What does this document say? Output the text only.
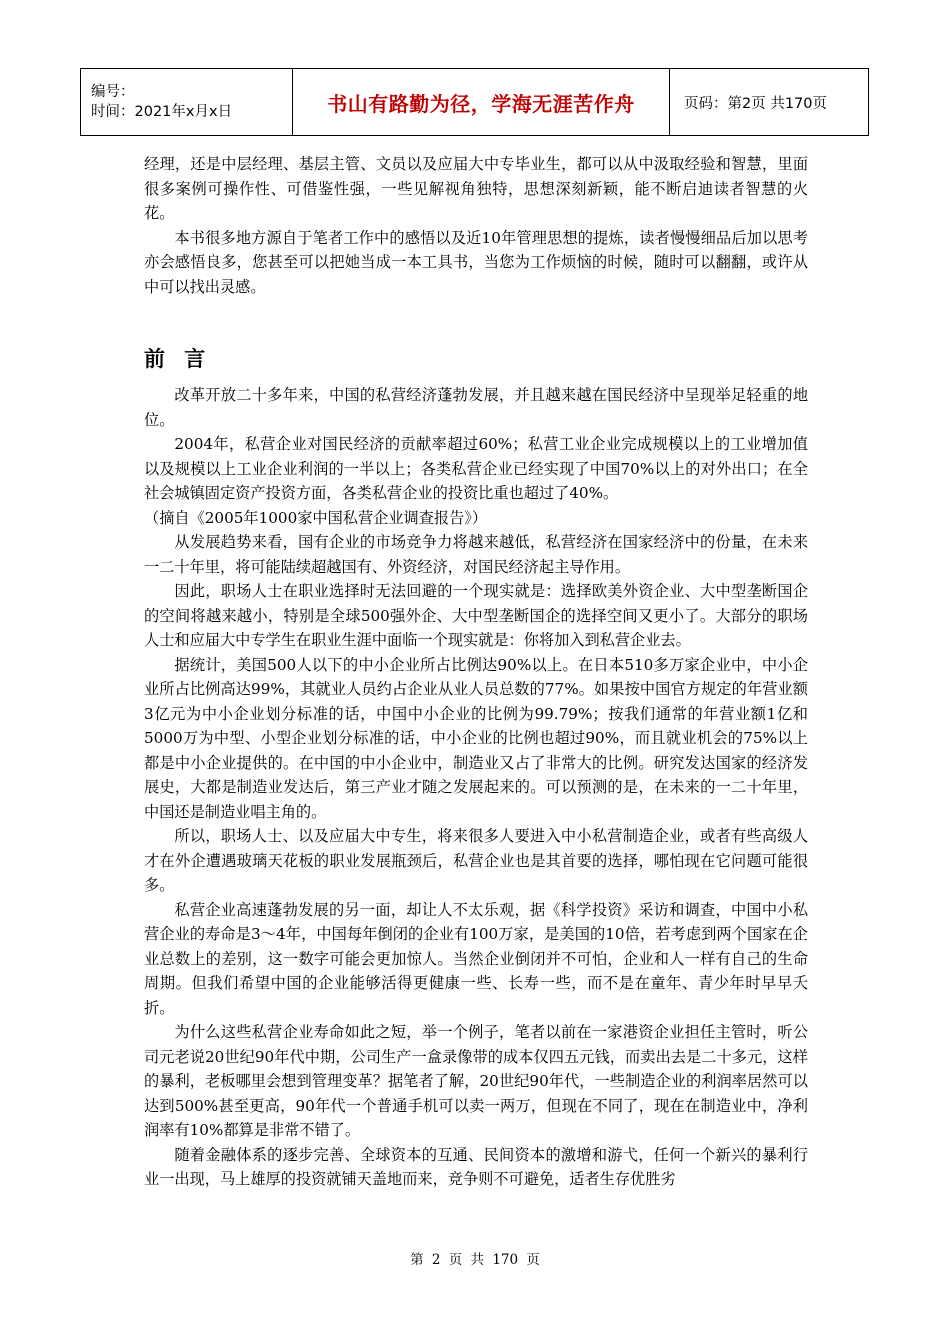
编号：
时间：2021年x月x日	书山有路勤为径，学海无涯苦作舟	页码：第2页 共170页

经理，还是中层经理、基层主管、文员以及应届大中专毕业生，都可以从中汲取经验和智慧，里面很多案例可操作性、可借鉴性强，一些见解视角独特，思想深刻新颖，能不断启迪读者智慧的火花。

本书很多地方源自于笔者工作中的感悟以及近10年管理思想的提炼，读者慢慢细品后加以思考亦会感悟良多，您甚至可以把她当成一本工具书，当您为工作烦恼的时候，随时可以翻翻，或许从中可以找出灵感。

前 言

改革开放二十多年来，中国的私营经济蓬勃发展，并且越来越在国民经济中呈现举足轻重的地位。

2004年，私营企业对国民经济的贡献率超过60%；私营工业企业完成规模以上的工业增加值以及规模以上工业企业利润的一半以上；各类私营企业已经实现了中国70%以上的对外出口；在全社会城镇固定资产投资方面，各类私营企业的投资比重也超过了40%。

（摘自《2005年1000家中国私营企业调查报告》）

从发展趋势来看，国有企业的市场竞争力将越来越低，私营经济在国家经济中的份量，在未来一二十年里，将可能陆续超越国有、外资经济，对国民经济起主导作用。

因此，职场人士在职业选择时无法回避的一个现实就是：选择欧美外资企业、大中型垄断国企的空间将越来越小，特别是全球500强外企、大中型垄断国企的选择空间又更小了。大部分的职场人士和应届大中专学生在职业生涯中面临一个现实就是：你将加入到私营企业去。

据统计，美国500人以下的中小企业所占比例达90%以上。在日本510多万家企业中，中小企业所占比例高达99%，其就业人员约占企业从业人员总数的77%。如果按中国官方规定的年营业额3亿元为中小企业划分标准的话，中国中小企业的比例为99.79%；按我们通常的年营业额1亿和5000万为中型、小型企业划分标准的话，中小企业的比例也超过90%，而且就业机会的75%以上都是中小企业提供的。在中国的中小企业中，制造业又占了非常大的比例。研究发达国家的经济发展史，大都是制造业发达后，第三产业才随之发展起来的。可以预测的是，在未来的一二十年里，中国还是制造业唱主角的。

所以，职场人士、以及应届大中专生，将来很多人要进入中小私营制造企业，或者有些高级人才在外企遭遇玻璃天花板的职业发展瓶颈后，私营企业也是其首要的选择，哪怕现在它问题可能很多。

私营企业高速蓬勃发展的另一面，却让人不太乐观，据《科学投资》采访和调查，中国中小私营企业的寿命是3～4年，中国每年倒闭的企业有100万家，是美国的10倍，若考虑到两个国家在企业总数上的差别，这一数字可能会更加惊人。当然企业倒闭并不可怕，企业和人一样有自己的生命周期。但我们希望中国的企业能够活得更健康一些、长寿一些，而不是在童年、青少年时早早夭折。

为什么这些私营企业寿命如此之短，举一个例子，笔者以前在一家港资企业担任主管时，听公司元老说20世纪90年代中期，公司生产一盒录像带的成本仅四五元钱，而卖出去是二十多元，这样的暴利，老板哪里会想到管理变革？据笔者了解，20世纪90年代，一些制造企业的利润率居然可以达到500%甚至更高，90年代一个普通手机可以卖一两万，但现在不同了，现在在制造业中，净利润率有10%都算是非常不错了。

随着金融体系的逐步完善、全球资本的互通、民间资本的激增和游弋，任何一个新兴的暴利行业一出现，马上雄厚的投资就铺天盖地而来，竞争则不可避免，适者生存优胜劣

第 2 页 共 170 页
